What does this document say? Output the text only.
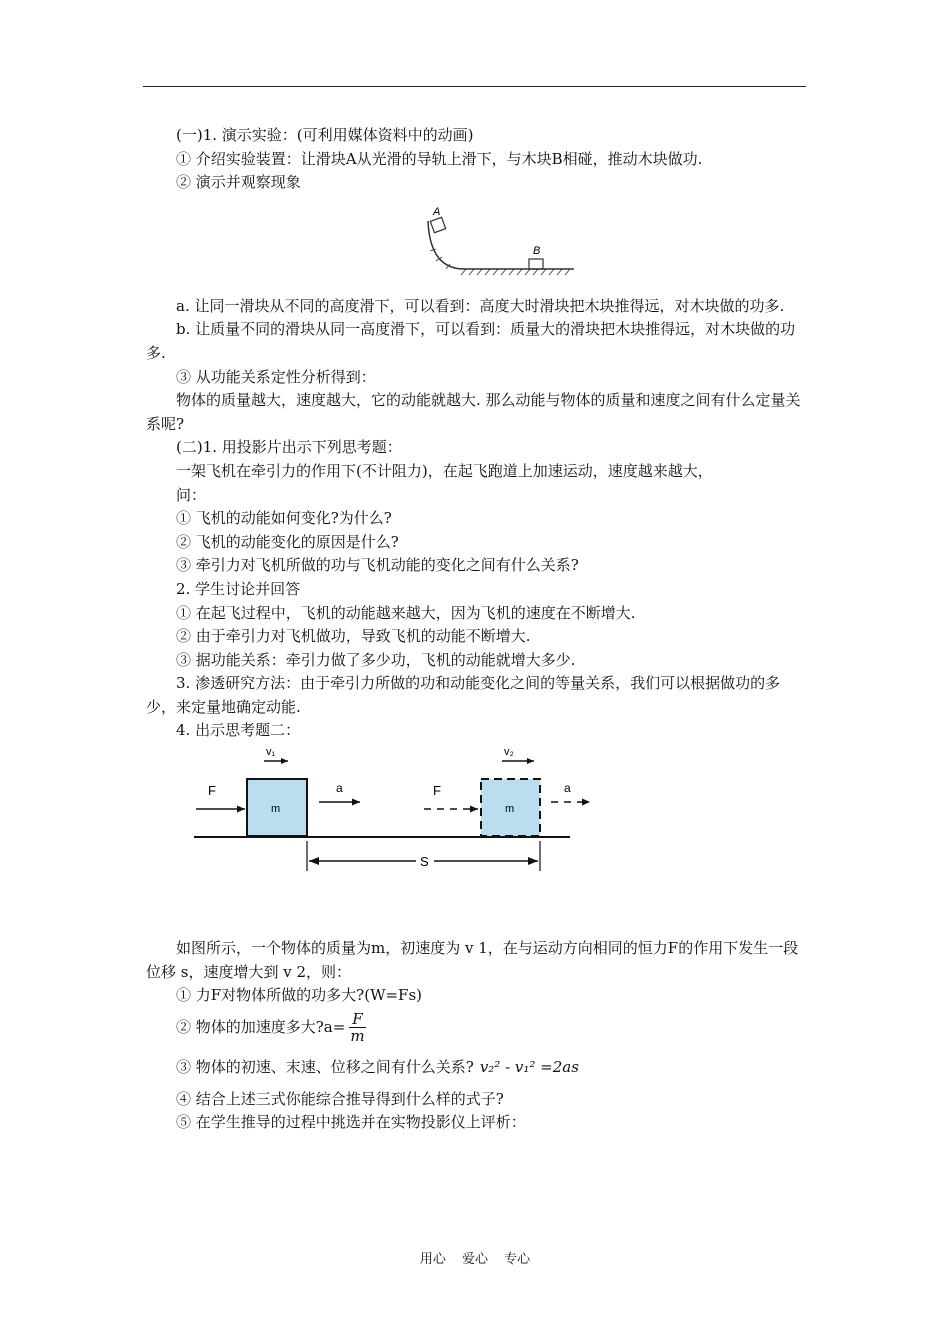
(一)1. 演示实验：(可利用媒体资料中的动画)

① 介绍实验装置：让滑块A从光滑的导轨上滑下，与木块B相碰，推动木块做功.

② 演示并观察现象

A
B

a. 让同一滑块从不同的高度滑下，可以看到：高度大时滑块把木块推得远，对木块做的功多.

b. 让质量不同的滑块从同一高度滑下，可以看到：质量大的滑块把木块推得远，对木块做的功多.

③ 从功能关系定性分析得到：

物体的质量越大，速度越大，它的动能就越大. 那么动能与物体的质量和速度之间有什么定量关系呢?

(二)1. 用投影片出示下列思考题：

一架飞机在牵引力的作用下(不计阻力)，在起飞跑道上加速运动，速度越来越大，

问：

① 飞机的动能如何变化?为什么?

② 飞机的动能变化的原因是什么?

③ 牵引力对飞机所做的功与飞机动能的变化之间有什么关系?

2. 学生讨论并回答

① 在起飞过程中，飞机的动能越来越大，因为飞机的速度在不断增大.

② 由于牵引力对飞机做功，导致飞机的动能不断增大.

③ 据功能关系：牵引力做了多少功，飞机的动能就增大多少.

3. 渗透研究方法：由于牵引力所做的功和动能变化之间的等量关系，我们可以根据做功的多少，来定量地确定动能.

4. 出示思考题二：

m	m
v₁	v₂
F	a	F	a
S

如图所示，一个物体的质量为m，初速度为 v 1，在与运动方向相同的恒力F的作用下发生一段位移 s，速度增大到 v 2，则：

① 力F对物体所做的功多大?(W=Fs)

② 物体的加速度多大?a= $\frac{F}{m}$
③ 物体的初速、末速、位移之间有什么关系? v₂² - v₁² =2as

④ 结合上述三式你能综合推导得到什么样的式子?

⑤ 在学生推导的过程中挑选并在实物投影仪上评析：

用心 爱心 专心
